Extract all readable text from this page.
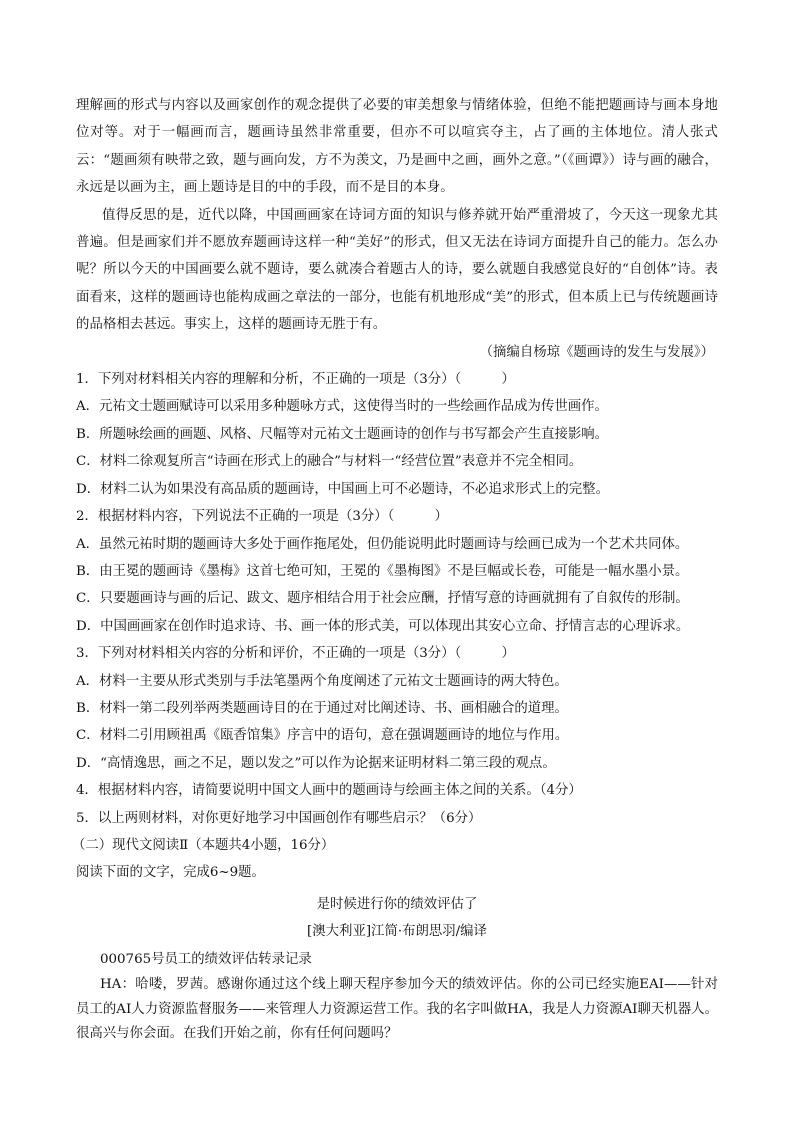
理解画的形式与内容以及画家创作的观念提供了必要的审美想象与情绪体验，但绝不能把题画诗与画本身地位对等。对于一幅画而言，题画诗虽然非常重要，但亦不可以喧宾夺主，占了画的主体地位。清人张式云：“题画须有映带之致，题与画向发，方不为羡文，乃是画中之画，画外之意。”（《画谭》）诗与画的融合，永远是以画为主，画上题诗是目的中的手段，而不是目的本身。

值得反思的是，近代以降，中国画画家在诗词方面的知识与修养就开始严重滑坡了，今天这一现象尤其普遍。但是画家们并不愿放弃题画诗这样一种“美好”的形式，但又无法在诗词方面提升自己的能力。怎么办呢？所以今天的中国画要么就不题诗，要么就凑合着题古人的诗，要么就题自我感觉良好的“自创体”诗。表面看来，这样的题画诗也能构成画之章法的一部分，也能有机地形成“美”的形式，但本质上已与传统题画诗的品格相去甚远。事实上，这样的题画诗无胜于有。

（摘编自杨琼《题画诗的发生与发展》）

1．下列对材料相关内容的理解和分析，不正确的一项是（3分）（　　　）

A．元祐文士题画赋诗可以采用多种题咏方式，这使得当时的一些绘画作品成为传世画作。

B．所题咏绘画的画题、风格、尺幅等对元祐文士题画诗的创作与书写都会产生直接影响。

C．材料二徐观复所言“诗画在形式上的融合”与材料一“经营位置”表意并不完全相同。

D．材料二认为如果没有高品质的题画诗，中国画上可不必题诗，不必追求形式上的完整。

2．根据材料内容，下列说法不正确的一项是（3分）（　　　）

A．虽然元祐时期的题画诗大多处于画作拖尾处，但仍能说明此时题画诗与绘画已成为一个艺术共同体。

B．由王冕的题画诗《墨梅》这首七绝可知，王冕的《墨梅图》不是巨幅或长卷，可能是一幅水墨小景。

C．只要题画诗与画的后记、跋文、题序相结合用于社会应酬，抒情写意的诗画就拥有了自叙传的形制。

D．中国画画家在创作时追求诗、书、画一体的形式美，可以体现出其安心立命、抒情言志的心理诉求。

3．下列对材料相关内容的分析和评价，不正确的一项是（3分）（　　　）

A．材料一主要从形式类别与手法笔墨两个角度阐述了元祐文士题画诗的两大特色。

B．材料一第二段列举两类题画诗目的在于通过对比阐述诗、书、画相融合的道理。

C．材料二引用顾祖禹《瓯香馆集》序言中的语句，意在强调题画诗的地位与作用。

D．“高情逸思，画之不足，题以发之”可以作为论据来证明材料二第三段的观点。

4．根据材料内容，请简要说明中国文人画中的题画诗与绘画主体之间的关系。（4分）

5．以上两则材料，对你更好地学习中国画创作有哪些启示？（6分）

（二）现代文阅读Ⅱ（本题共4小题，16分）

阅读下面的文字，完成6~9题。

是时候进行你的绩效评估了

[澳大利亚]江简·布朗思羽/编译

000765号员工的绩效评估转录记录

HA：哈喽，罗茜。感谢你通过这个线上聊天程序参加今天的绩效评估。你的公司已经实施EAI——针对员工的AI人力资源监督服务——来管理人力资源运营工作。我的名字叫做HA，我是人力资源AI聊天机器人。很高兴与你会面。在我们开始之前，你有任何问题吗？
